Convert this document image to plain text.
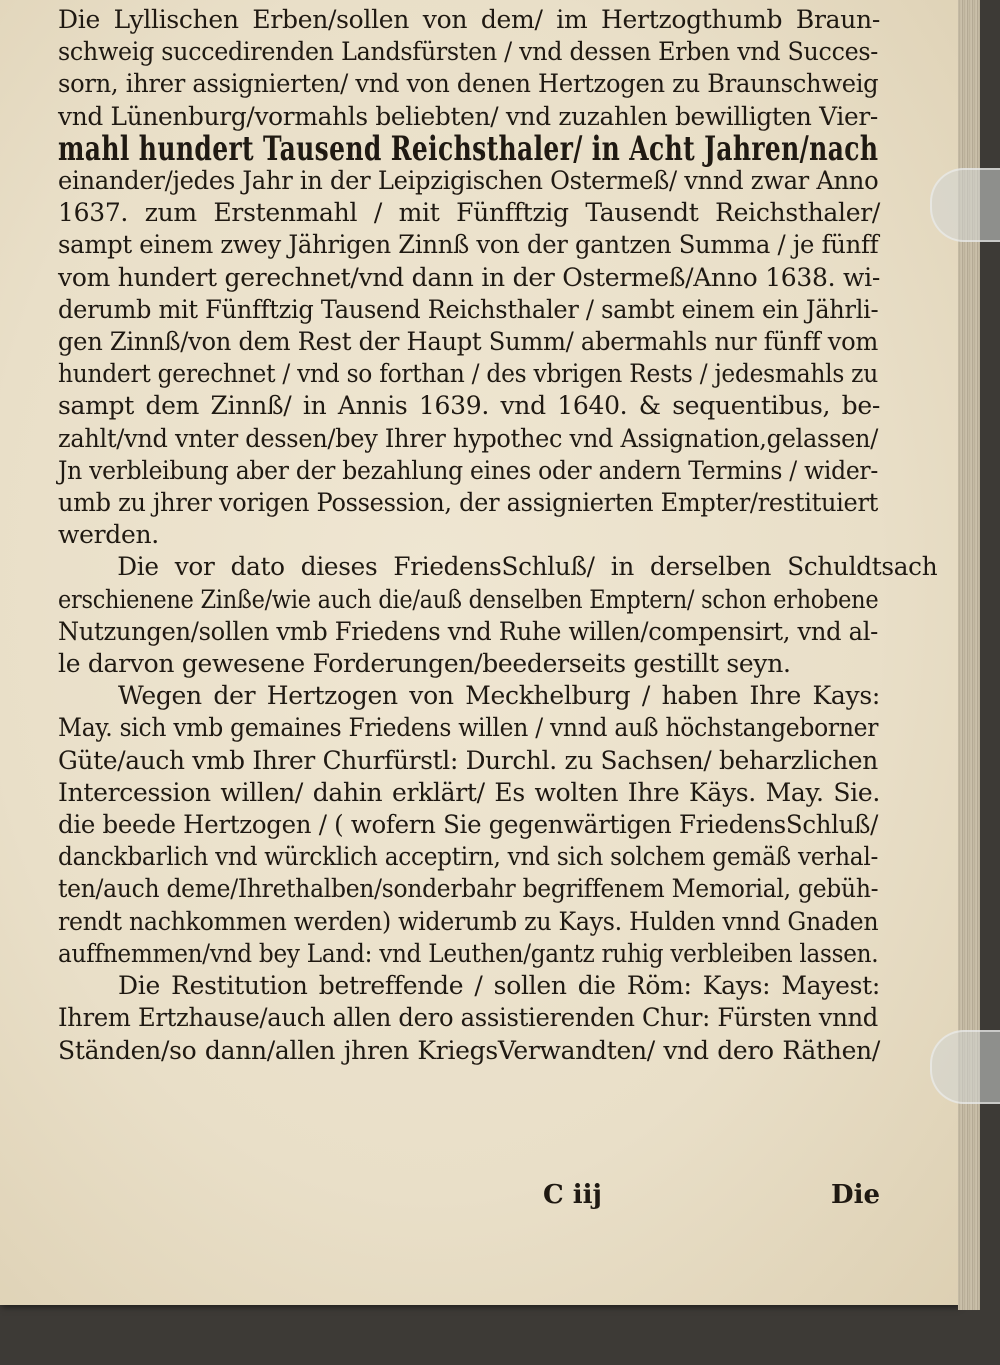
Die Lyllischen Erben/sollen von dem/ im Hertzogthumb Braun-
schweig succedirenden Landsfürsten / vnd dessen Erben vnd Succes-
sorn, ihrer assignierten/ vnd von denen Hertzogen zu Braunschweig
vnd Lünenburg/vormahls beliebten/ vnd zuzahlen bewilligten Vier-
mahl hundert Tausend Reichsthaler/ in Acht Jahren/nach
einander/jedes Jahr in der Leipzigischen Ostermeß/ vnnd zwar Anno
1637. zum Erstenmahl / mit Fünfftzig Tausendt Reichsthaler/
sampt einem zwey Jährigen Zinnß von der gantzen Summa / je fünff
vom hundert gerechnet/vnd dann in der Ostermeß/Anno 1638. wi-
derumb mit Fünfftzig Tausend Reichsthaler / sambt einem ein Jährli-
gen Zinnß/von dem Rest der Haupt Summ/ abermahls nur fünff vom
hundert gerechnet / vnd so forthan / des vbrigen Rests / jedesmahls zu
sampt dem Zinnß/ in Annis 1639. vnd 1640. & sequentibus, be-
zahlt/vnd vnter dessen/bey Ihrer hypothec vnd Assignation,gelassen/
Jn verbleibung aber der bezahlung eines oder andern Termins / wider-
umb zu jhrer vorigen Possession, der assignierten Empter/restituiert
werden.
Die vor dato dieses FriedensSchluß/ in derselben Schuldtsach
erschienene Zinße/wie auch die/auß denselben Emptern/ schon erhobene
Nutzungen/sollen vmb Friedens vnd Ruhe willen/compensirt, vnd al-
le darvon gewesene Forderungen/beederseits gestillt seyn.
Wegen der Hertzogen von Meckhelburg / haben Ihre Kays:
May. sich vmb gemaines Friedens willen / vnnd auß höchstangeborner
Güte/auch vmb Ihrer Churfürstl: Durchl. zu Sachsen/ beharzlichen
Intercession willen/ dahin erklärt/ Es wolten Ihre Käys. May. Sie.
die beede Hertzogen / ( wofern Sie gegenwärtigen FriedensSchluß/
danckbarlich vnd würcklich acceptirn, vnd sich solchem gemäß verhal-
ten/auch deme/Ihrethalben/sonderbahr begriffenem Memorial, gebüh-
rendt nachkommen werden) widerumb zu Kays. Hulden vnnd Gnaden
auffnemmen/vnd bey Land: vnd Leuthen/gantz ruhig verbleiben lassen.
Die Restitution betreffende / sollen die Röm: Kays: Mayest:
Ihrem Ertzhause/auch allen dero assistierenden Chur: Fürsten vnnd
Ständen/so dann/allen jhren KriegsVerwandten/ vnd dero Räthen/
C iij	Die
